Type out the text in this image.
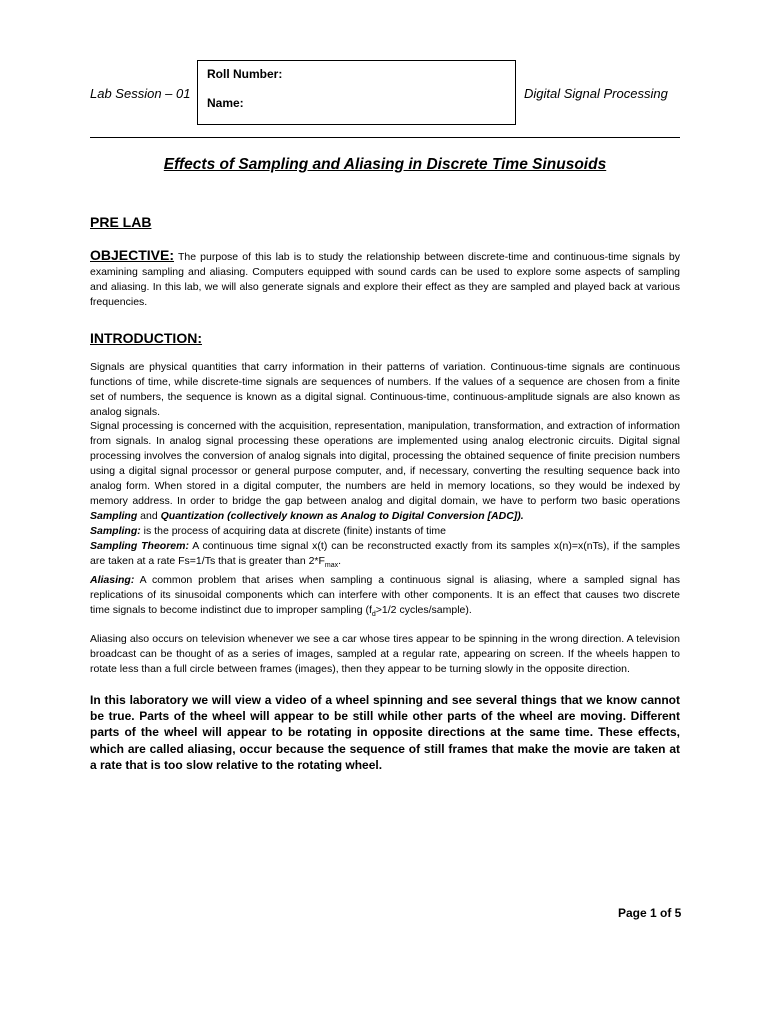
Lab Session – 01
Roll Number:
Name:
Digital Signal Processing
Effects of Sampling and Aliasing in Discrete Time Sinusoids
PRE LAB
OBJECTIVE: The purpose of this lab is to study the relationship between discrete-time and continuous-time signals by examining sampling and aliasing. Computers equipped with sound cards can be used to explore some aspects of sampling and aliasing. In this lab, we will also generate signals and explore their effect as they are sampled and played back at various frequencies.
INTRODUCTION:
Signals are physical quantities that carry information in their patterns of variation. Continuous-time signals are continuous functions of time, while discrete-time signals are sequences of numbers. If the values of a sequence are chosen from a finite set of numbers, the sequence is known as a digital signal. Continuous-time, continuous-amplitude signals are also known as analog signals.
Signal processing is concerned with the acquisition, representation, manipulation, transformation, and extraction of information from signals. In analog signal processing these operations are implemented using analog electronic circuits. Digital signal processing involves the conversion of analog signals into digital, processing the obtained sequence of finite precision numbers using a digital signal processor or general purpose computer, and, if necessary, converting the resulting sequence back into analog form. When stored in a digital computer, the numbers are held in memory locations, so they would be indexed by memory address. In order to bridge the gap between analog and digital domain, we have to perform two basic operations Sampling and Quantization (collectively known as Analog to Digital Conversion [ADC]).
Sampling: is the process of acquiring data at discrete (finite) instants of time
Sampling Theorem: A continuous time signal x(t) can be reconstructed exactly from its samples x(n)=x(nTs), if the samples are taken at a rate Fs=1/Ts that is greater than $2*F_{max}$.
Aliasing: A common problem that arises when sampling a continuous signal is aliasing, where a sampled signal has replications of its sinusoidal components which can interfere with other components. It is an effect that causes two discrete time signals to become indistinct due to improper sampling ($f_d>1/2$ cycles/sample).
Aliasing also occurs on television whenever we see a car whose tires appear to be spinning in the wrong direction. A television broadcast can be thought of as a series of images, sampled at a regular rate, appearing on screen. If the wheels happen to rotate less than a full circle between frames (images), then they appear to be turning slowly in the opposite direction.
In this laboratory we will view a video of a wheel spinning and see several things that we know cannot be true. Parts of the wheel will appear to be still while other parts of the wheel are moving. Different parts of the wheel will appear to be rotating in opposite directions at the same time. These effects, which are called aliasing, occur because the sequence of still frames that make the movie are taken at a rate that is too slow relative to the rotating wheel.
Page 1 of 5
